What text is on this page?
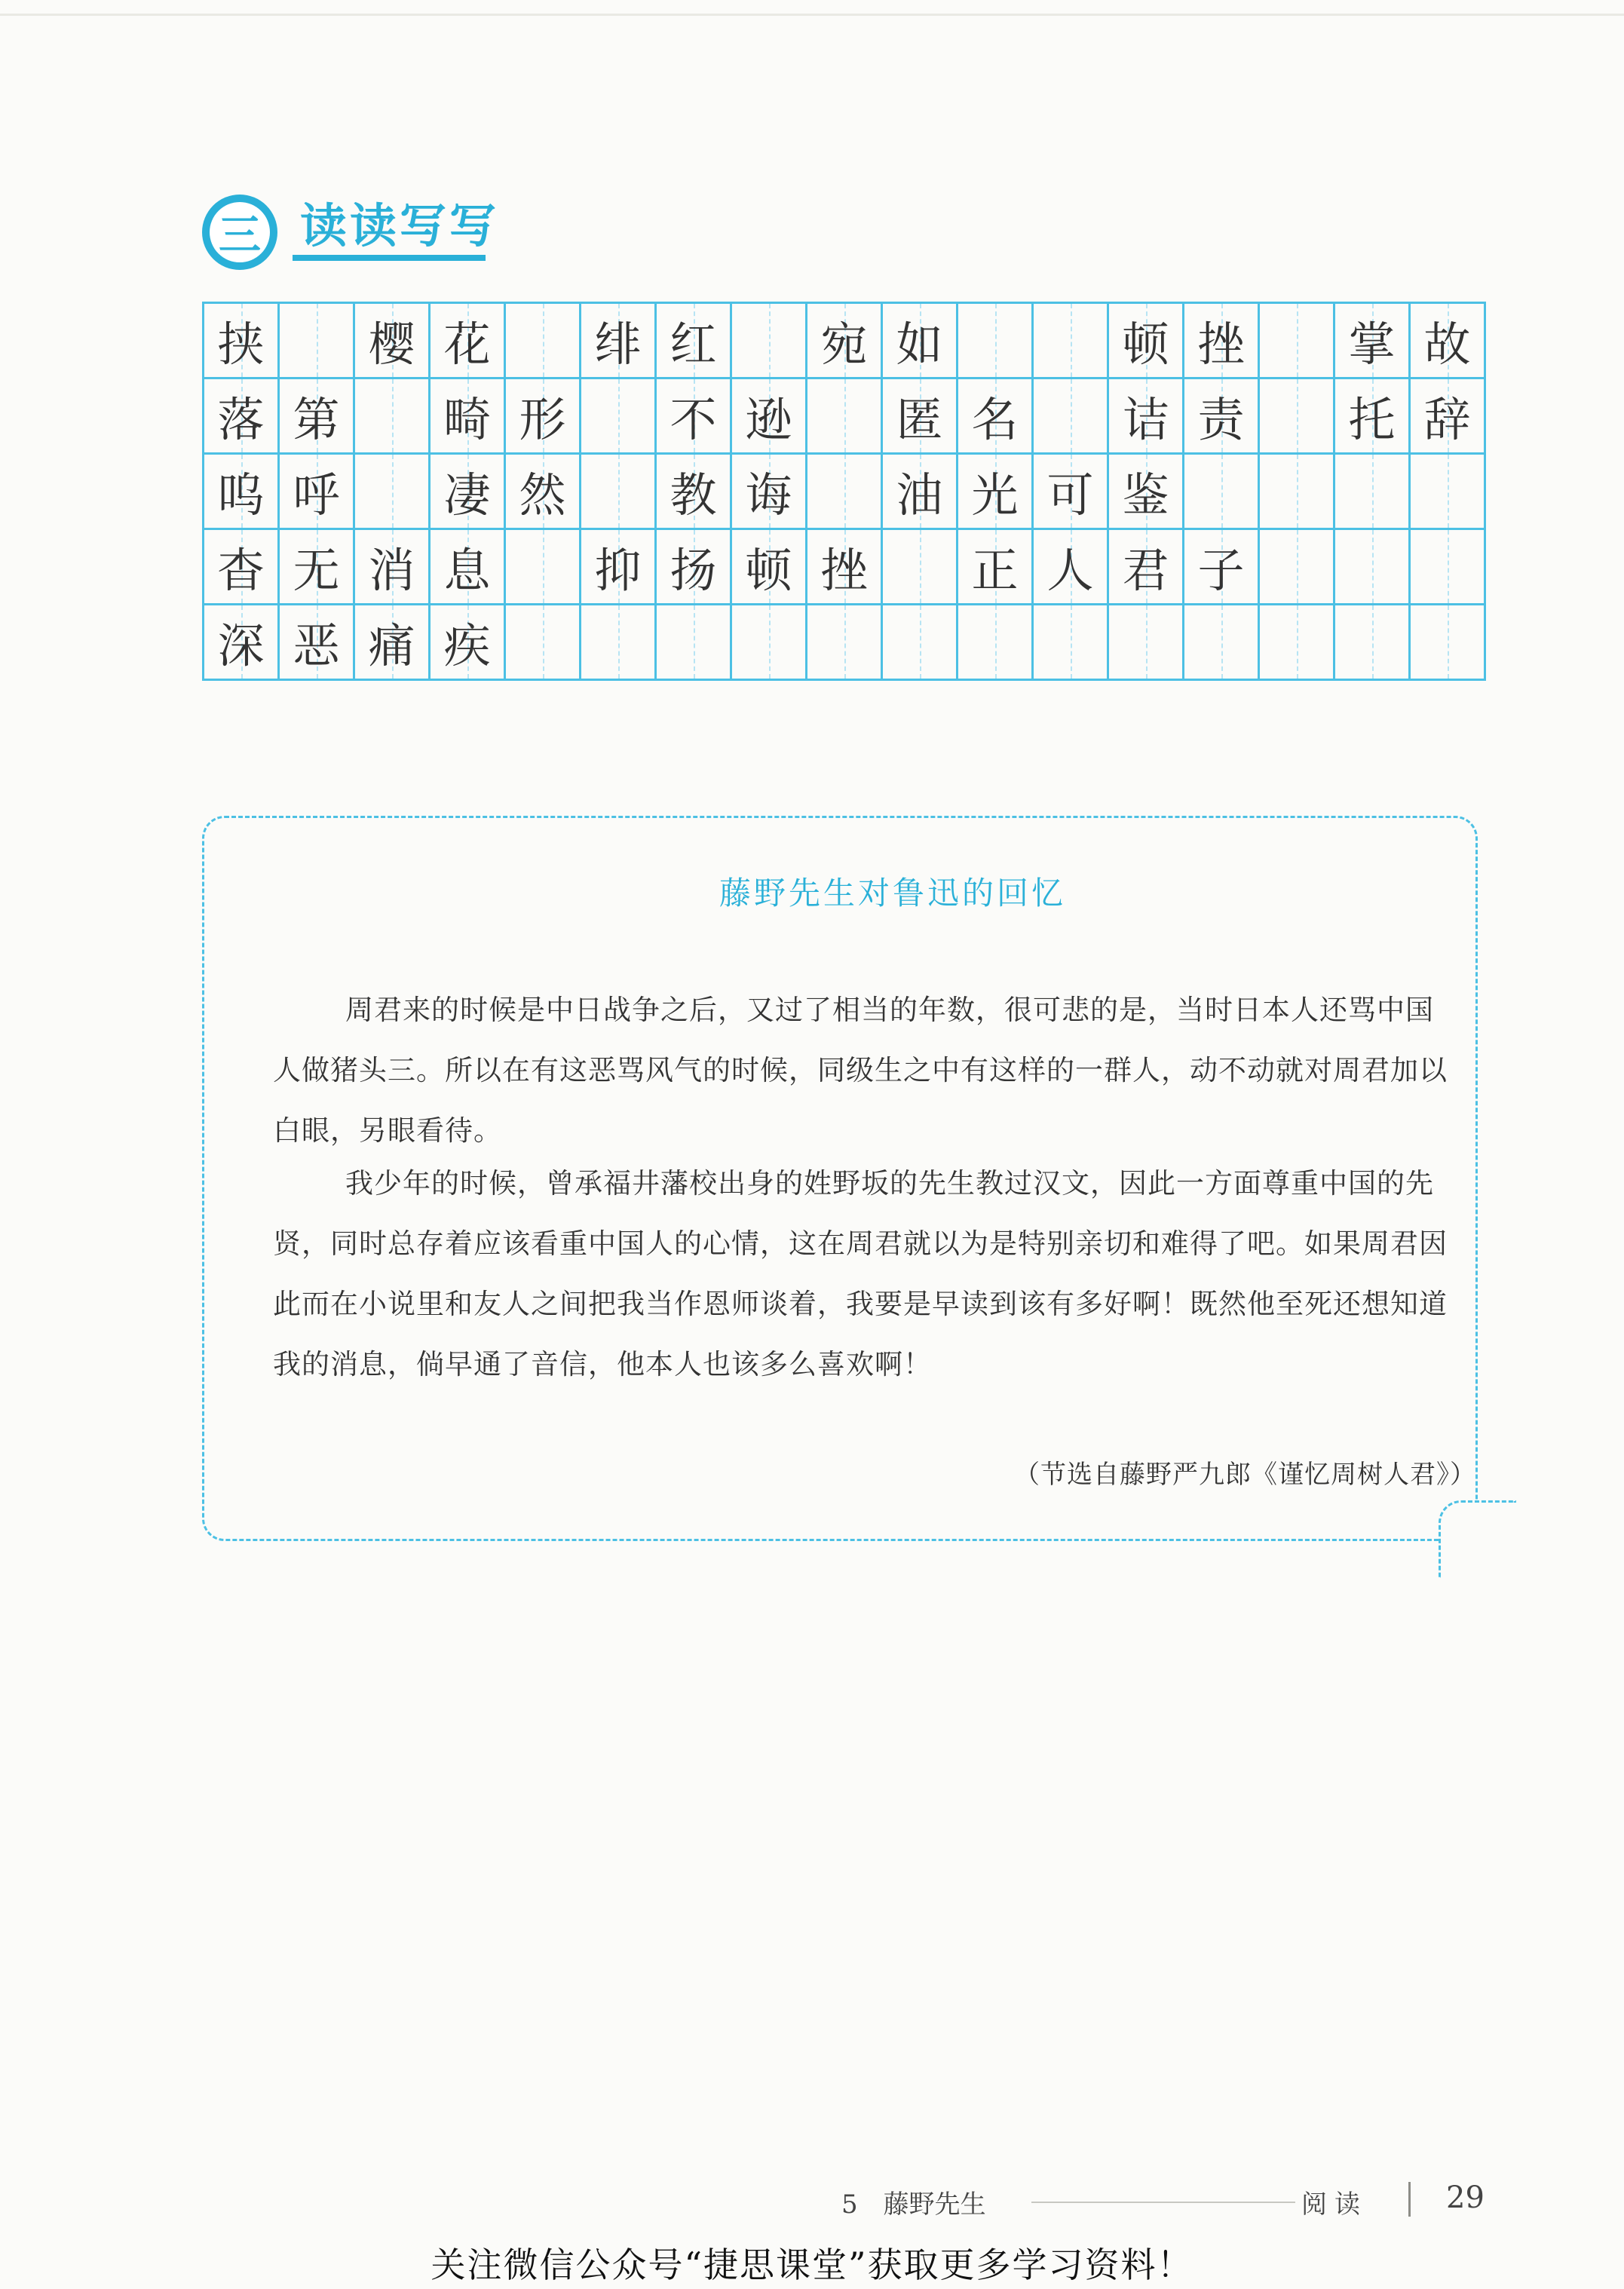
三 读读写写
挟 樱 花 绯 红 宛 如	顿 挫 掌 故
落 第 畸 形 不 逊 匿 名 诘 责 托 辞
呜 呼 凄 然 教 诲 油 光 可 鉴
杳 无 消 息 抑 扬 顿 挫 正 人 君 子
深 恶 痛 疾
藤野先生对鲁迅的回忆
周君来的时候是中日战争之后，又过了相当的年数，很可悲的是，当时日本人还骂中国人做猪头三。所以在有这恶骂风气的时候，同级生之中有这样的一群人，动不动就对周君加以白眼，另眼看待。
我少年的时候，曾承福井藩校出身的姓野坂的先生教过汉文，因此一方面尊重中国的先贤，同时总存着应该看重中国人的心情，这在周君就以为是特别亲切和难得了吧。如果周君因此而在小说里和友人之间把我当作恩师谈着，我要是早读到该有多好啊！既然他至死还想知道我的消息，倘早通了音信，他本人也该多么喜欢啊！
（节选自藤野严九郎《谨忆周树人君》）
5　藤野先生	阅读	29
关注微信公众号“捷思课堂”获取更多学习资料！
